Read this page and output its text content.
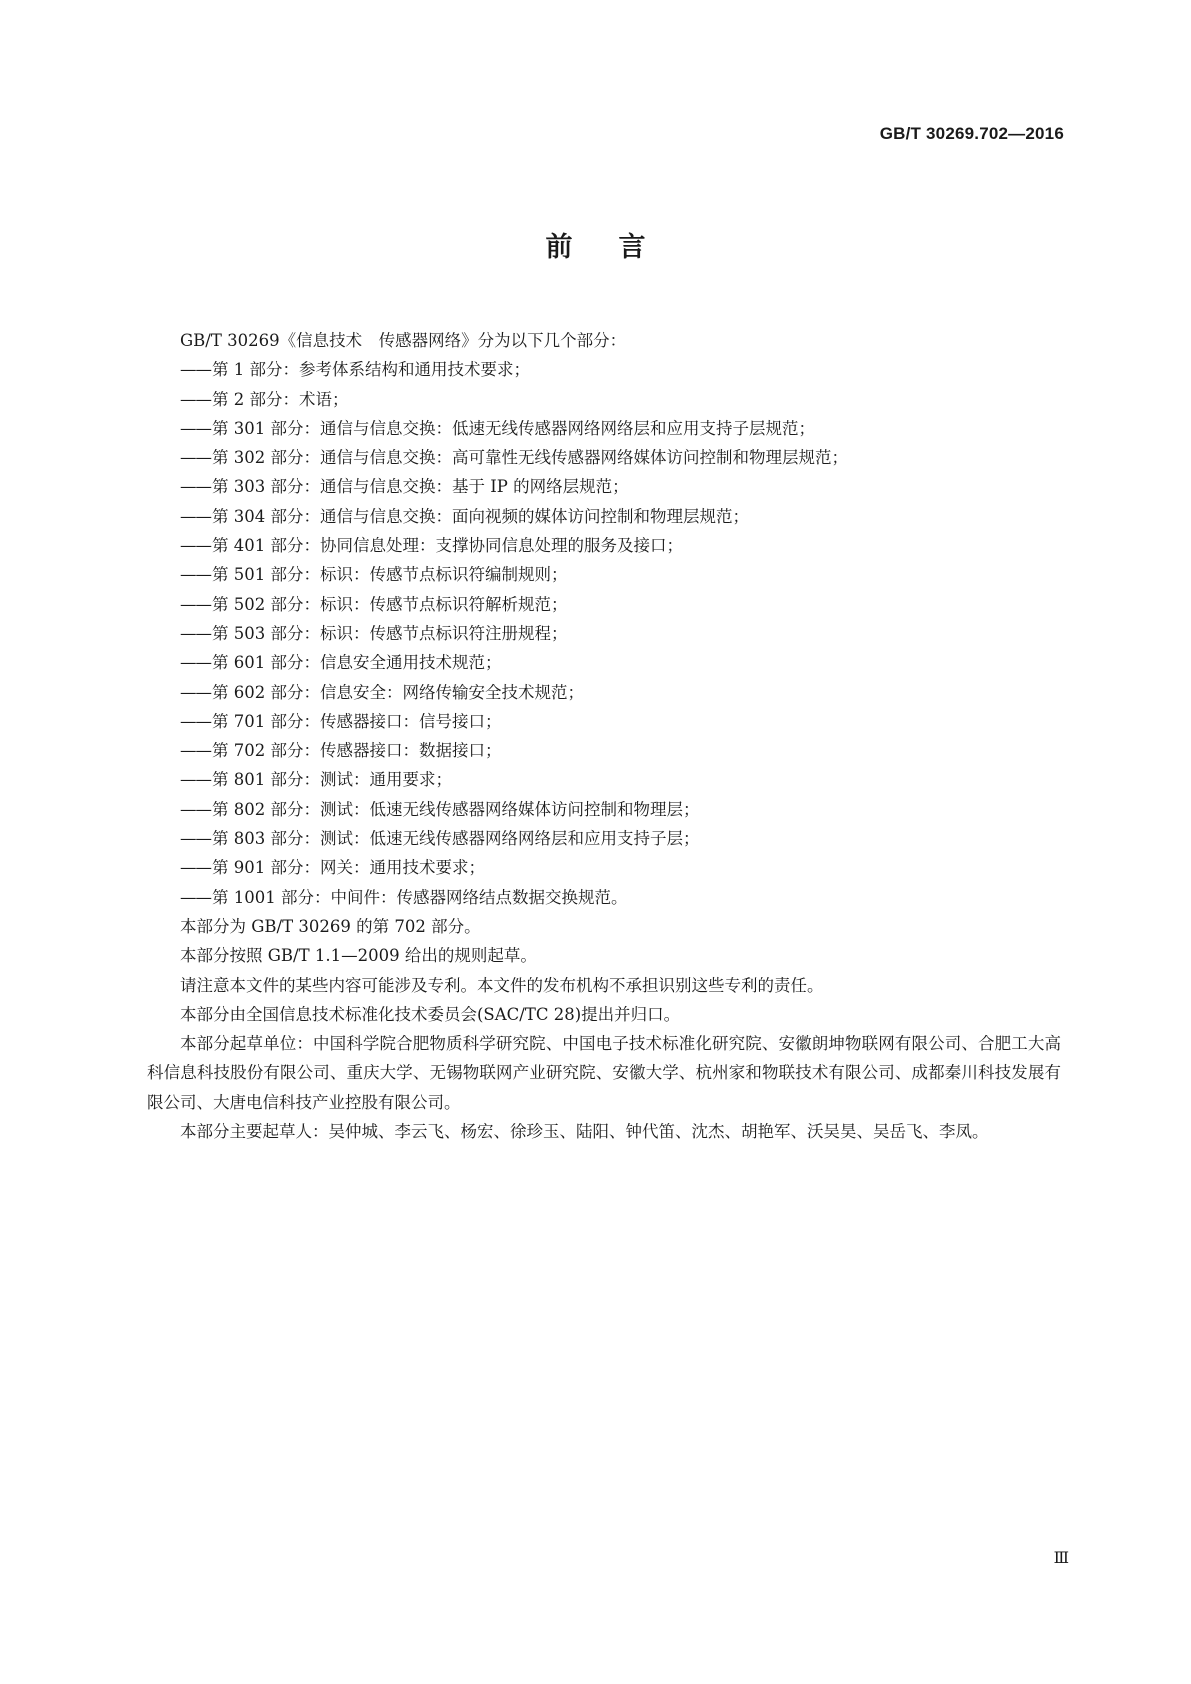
GB/T 30269.702—2016
前言

GB/T 30269《信息技术　传感器网络》分为以下几个部分：

——第 1 部分：参考体系结构和通用技术要求；

——第 2 部分：术语；

——第 301 部分：通信与信息交换：低速无线传感器网络网络层和应用支持子层规范；

——第 302 部分：通信与信息交换：高可靠性无线传感器网络媒体访问控制和物理层规范；

——第 303 部分：通信与信息交换：基于 IP 的网络层规范；

——第 304 部分：通信与信息交换：面向视频的媒体访问控制和物理层规范；

——第 401 部分：协同信息处理：支撑协同信息处理的服务及接口；

——第 501 部分：标识：传感节点标识符编制规则；

——第 502 部分：标识：传感节点标识符解析规范；

——第 503 部分：标识：传感节点标识符注册规程；

——第 601 部分：信息安全通用技术规范；

——第 602 部分：信息安全：网络传输安全技术规范；

——第 701 部分：传感器接口：信号接口；

——第 702 部分：传感器接口：数据接口；

——第 801 部分：测试：通用要求；

——第 802 部分：测试：低速无线传感器网络媒体访问控制和物理层；

——第 803 部分：测试：低速无线传感器网络网络层和应用支持子层；

——第 901 部分：网关：通用技术要求；

——第 1001 部分：中间件：传感器网络结点数据交换规范。

本部分为 GB/T 30269 的第 702 部分。

本部分按照 GB/T 1.1—2009 给出的规则起草。

请注意本文件的某些内容可能涉及专利。本文件的发布机构不承担识别这些专利的责任。

本部分由全国信息技术标准化技术委员会(SAC/TC 28)提出并归口。

本部分起草单位：中国科学院合肥物质科学研究院、中国电子技术标准化研究院、安徽朗坤物联网有限公司、合肥工大高科信息科技股份有限公司、重庆大学、无锡物联网产业研究院、安徽大学、杭州家和物联技术有限公司、成都秦川科技发展有限公司、大唐电信科技产业控股有限公司。

本部分主要起草人：吴仲城、李云飞、杨宏、徐珍玉、陆阳、钟代笛、沈杰、胡艳军、沃吴昊、吴岳飞、李凤。

Ⅲ
